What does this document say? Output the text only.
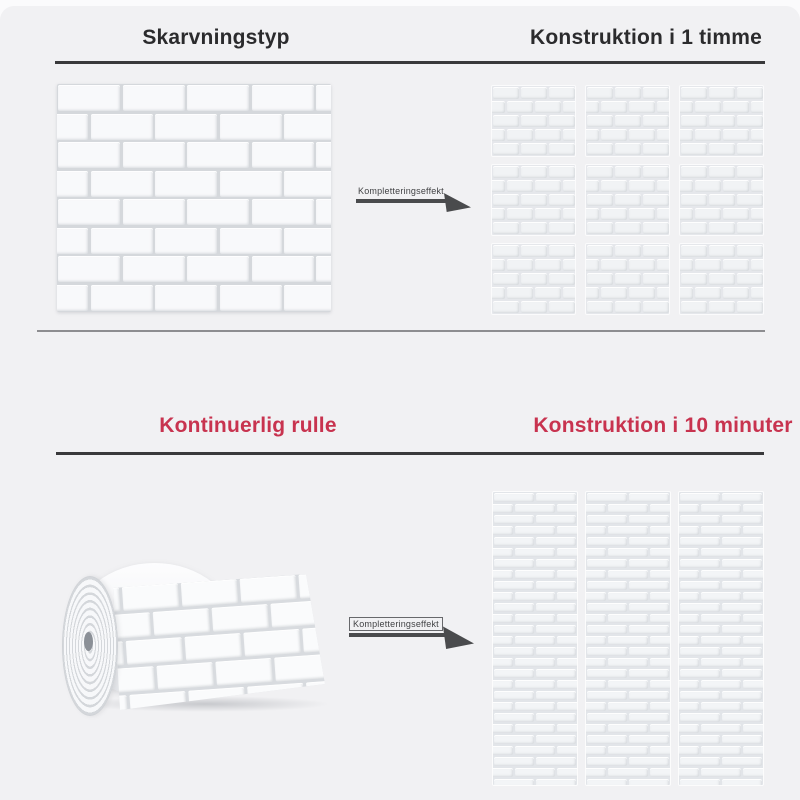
Skarvningstyp	Konstruktion i 1 timme
Kompletteringseffekt
Kontinuerlig rulle	Konstruktion i 10 minuter
Kompletteringseffekt
